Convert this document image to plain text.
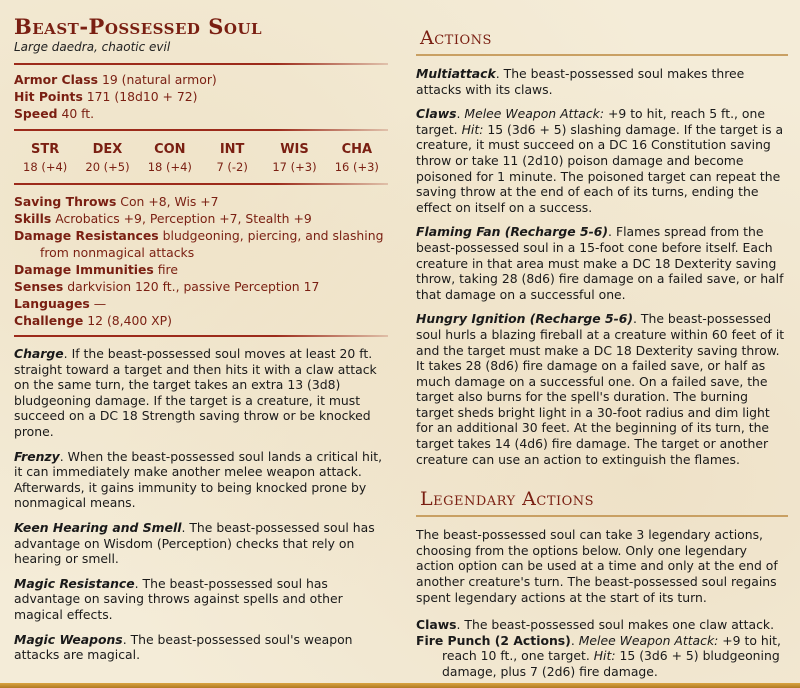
Beast-Possessed Soul
Large daedra, chaotic evil
Armor Class 19 (natural armor)
Hit Points 171 (18d10 + 72)
Speed 40 ft.
STR
18 (+4)
DEX
20 (+5)
CON
18 (+4)
INT
7 (-2)
WIS
17 (+3)
CHA
16 (+3)
Saving Throws Con +8, Wis +7
Skills Acrobatics +9, Perception +7, Stealth +9
Damage Resistances bludgeoning, piercing, and slashing from nonmagical attacks
Damage Immunities fire
Senses darkvision 120 ft., passive Perception 17
Languages —
Challenge 12 (8,400 XP)
Charge. If the beast-possessed soul moves at least 20 ft. straight toward a target and then hits it with a claw attack on the same turn, the target takes an extra 13 (3d8) bludgeoning damage. If the target is a creature, it must succeed on a DC 18 Strength saving throw or be knocked prone.
Frenzy. When the beast-possessed soul lands a critical hit, it can immediately make another melee weapon attack. Afterwards, it gains immunity to being knocked prone by nonmagical means.
Keen Hearing and Smell. The beast-possessed soul has advantage on Wisdom (Perception) checks that rely on hearing or smell.
Magic Resistance. The beast-possessed soul has advantage on saving throws against spells and other magical effects.
Magic Weapons. The beast-possessed soul's weapon attacks are magical.
Actions
Multiattack. The beast-possessed soul makes three attacks with its claws.
Claws. Melee Weapon Attack: +9 to hit, reach 5 ft., one target. Hit: 15 (3d6 + 5) slashing damage. If the target is a creature, it must succeed on a DC 16 Constitution saving throw or take 11 (2d10) poison damage and become poisoned for 1 minute. The poisoned target can repeat the saving throw at the end of each of its turns, ending the effect on itself on a success.
Flaming Fan (Recharge 5-6). Flames spread from the beast-possessed soul in a 15-foot cone before itself. Each creature in that area must make a DC 18 Dexterity saving throw, taking 28 (8d6) fire damage on a failed save, or half that damage on a successful one.
Hungry Ignition (Recharge 5-6). The beast-possessed soul hurls a blazing fireball at a creature within 60 feet of it and the target must make a DC 18 Dexterity saving throw. It takes 28 (8d6) fire damage on a failed save, or half as much damage on a successful one. On a failed save, the target also burns for the spell's duration. The burning target sheds bright light in a 30-foot radius and dim light for an additional 30 feet. At the beginning of its turn, the target takes 14 (4d6) fire damage. The target or another creature can use an action to extinguish the flames.
Legendary Actions
The beast-possessed soul can take 3 legendary actions, choosing from the options below. Only one legendary action option can be used at a time and only at the end of another creature's turn. The beast-possessed soul regains spent legendary actions at the start of its turn.
Claws. The beast-possessed soul makes one claw attack.
Fire Punch (2 Actions). Melee Weapon Attack: +9 to hit, reach 10 ft., one target. Hit: 15 (3d6 + 5) bludgeoning damage, plus 7 (2d6) fire damage.
